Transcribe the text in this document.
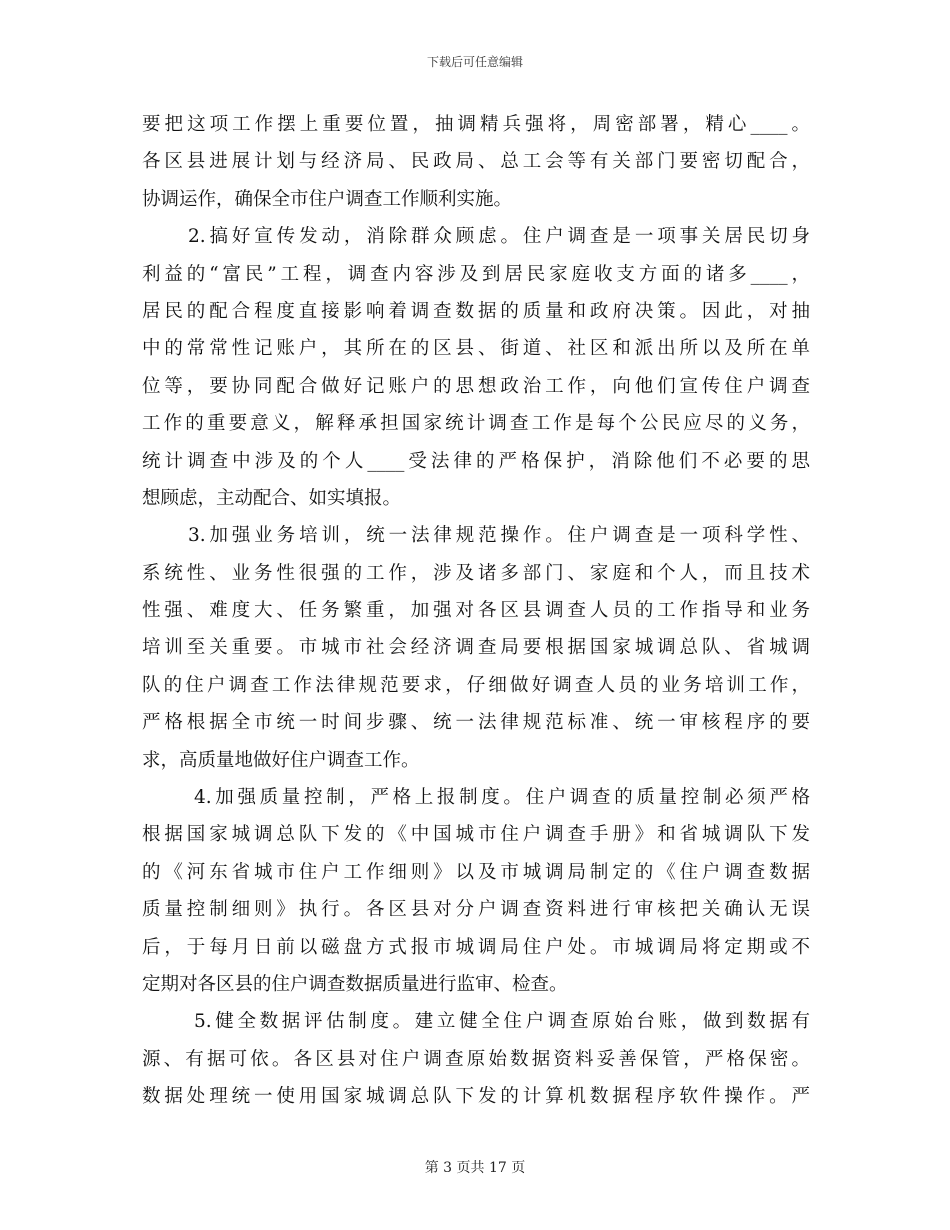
下载后可任意编辑
要把这项工作摆上重要位置，抽调精兵强将，周密部署，精心____。
各区县进展计划与经济局、民政局、总工会等有关部门要密切配合，
协调运作，确保全市住户调查工作顺利实施。
2.搞好宣传发动，消除群众顾虑。住户调查是一项事关居民切身
利益的“富民”工程，调查内容涉及到居民家庭收支方面的诸多____，
居民的配合程度直接影响着调查数据的质量和政府决策。因此，对抽
中的常常性记账户，其所在的区县、街道、社区和派出所以及所在单
位等，要协同配合做好记账户的思想政治工作，向他们宣传住户调查
工作的重要意义，解释承担国家统计调查工作是每个公民应尽的义务，
统计调查中涉及的个人____受法律的严格保护，消除他们不必要的思
想顾虑，主动配合、如实填报。
3.加强业务培训，统一法律规范操作。住户调查是一项科学性、
系统性、业务性很强的工作，涉及诸多部门、家庭和个人，而且技术
性强、难度大、任务繁重，加强对各区县调查人员的工作指导和业务
培训至关重要。市城市社会经济调查局要根据国家城调总队、省城调
队的住户调查工作法律规范要求，仔细做好调查人员的业务培训工作，
严格根据全市统一时间步骤、统一法律规范标准、统一审核程序的要
求，高质量地做好住户调查工作。
4.加强质量控制，严格上报制度。住户调查的质量控制必须严格
根据国家城调总队下发的《中国城市住户调查手册》和省城调队下发
的《河东省城市住户工作细则》以及市城调局制定的《住户调查数据
质量控制细则》执行。各区县对分户调查资料进行审核把关确认无误
后，于每月日前以磁盘方式报市城调局住户处。市城调局将定期或不
定期对各区县的住户调查数据质量进行监审、检查。
5.健全数据评估制度。建立健全住户调查原始台账，做到数据有
源、有据可依。各区县对住户调查原始数据资料妥善保管，严格保密。
数据处理统一使用国家城调总队下发的计算机数据程序软件操作。严
第 3 页共 17 页
